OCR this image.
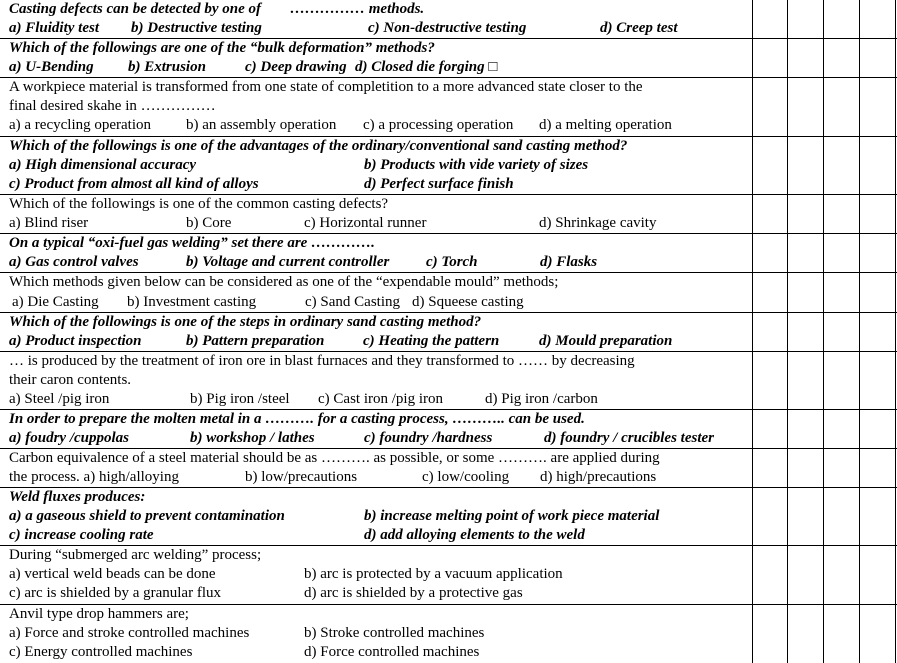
Casting defects can be detected by one of …………… methods.
a) Fluidity test b) Destructive testing	c) Non-destructive testing	d) Creep test
Which of the followings are one of the “bulk deformation” methods?
a) U-Bending b) Extrusion	c) Deep drawing d) Closed die forging □
A workpiece material is transformed from one state of completition to a more advanced state closer to the
final desired skahe in ……………
a) a recycling operation b) an assembly operation c) a processing operation d) a melting operation
Which of the followings is one of the advantages of the ordinary/conventional sand casting method?
a) High dimensional accuracy	b) Products with vide variety of sizes
c) Product from almost all kind of alloys	d) Perfect surface finish
Which of the followings is one of the common casting defects?
a) Blind riser	b) Core	c) Horizontal runner	d) Shrinkage cavity
On a typical “oxi-fuel gas welding” set there are ………….
a) Gas control valves	b) Voltage and current controller c) Torch	d) Flasks
Which methods given below can be considered as one of the “expendable mould” methods;
a) Die Casting b) Investment casting	c) Sand Casting d) Squeese casting
Which of the followings is one of the steps in ordinary sand casting method?
a) Product inspection	b) Pattern preparation	c) Heating the pattern	d) Mould preparation
… is produced by the treatment of iron ore in blast furnaces and they transformed to …… by decreasing
their caron contents.
a) Steel /pig iron	b) Pig iron /steel c) Cast iron /pig iron	d) Pig iron /carbon
In order to prepare the molten metal in a ………. for a casting process, ……….. can be used.
a) foudry /cuppolas	b) workshop / lathes	c) foundry /hardness	d) foundry / crucibles tester
Carbon equivalence of a steel material should be as ………. as possible, or some ………. are applied during
the process. a) high/alloying	b) low/precautions	c) low/cooling d) high/precautions
Weld fluxes produces:
a) a gaseous shield to prevent contamination	b) increase melting point of work piece material
c) increase cooling rate	d) add alloying elements to the weld
During “submerged arc welding” process;
a) vertical weld beads can be done	b) arc is protected by a vacuum application
c) arc is shielded by a granular flux	d) arc is shielded by a protective gas
Anvil type drop hammers are;
a) Force and stroke controlled machines	b) Stroke controlled machines
c) Energy controlled machines	d) Force controlled machines
